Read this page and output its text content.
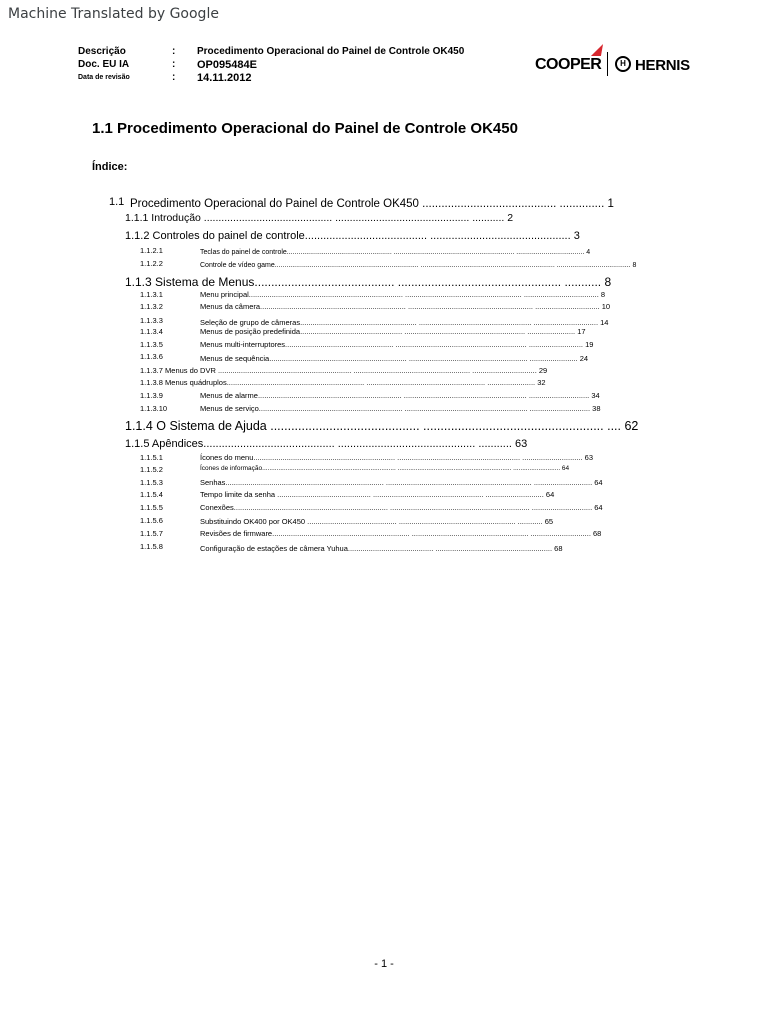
Machine Translated by Google
Descrição	: Procedimento Operacional do Painel de Controle OK450
Doc. EU IA	: OP095484E
Data de revisão	: 14.11.2012
COOPER	H HERNIS
1.1 Procedimento Operacional do Painel de Controle OK450
Índice:
1.1 Procedimento Operacional do Painel de Controle OK450 .......................................... .............. 1
1.1.1 Introdução ............................................ .............................................. ........... 2
1.1.2 Controles do painel de controle........................................ .............................................. 3
1.1.2.1	Teclas do painel de controle...................................................... .............................................................. ................................... 4
1.1.2.2	Controle de vídeo game.......................................................................... ..................................................................... ...................................... 8
1.1.3 Sistema de Menus.......................................... ................................................. ........... 8
1.1.3.1	Menu principal.......................................................................... ........................................................ .................................... 8
1.1.3.2	Menus da câmera...................................................................... ............................................................ ............................... 10
1.1.3.3	Seleção de grupo de câmeras........................................................ ...................................................... ............................... 14
1.1.3.4	Menus de posição predefinida................................................. .......................................................... ....................... 17
1.1.3.5	Menus multi-interruptores.................................................... ............................................................... .......................... 19
1.1.3.6	Menus de sequência.................................................................. ......................................................... ....................... 24
1.1.3.7 Menus do DVR ................................................................ ........................................................ ............................... 29
1.1.3.8 Menus quádruplos.................................................................. ......................................................... ....................... 32
1.1.3.9	Menus de alarme..................................................................... ........................................................... ............................. 34
1.1.3.10	Menus de serviço..................................................................... ........................................................... ............................. 38
1.1.4 O Sistema de Ajuda ........................................... .................................................... .... 62
1.1.5 Apêndices........................................... ............................................. ........... 63
1.1.5.1	Ícones do menu.................................................................... ........................................................... ............................. 63
1.1.5.2	Ícones de informação.......................................................................... ............................................................... .......................... 64
1.1.5.3	Senhas............................................................................ ...................................................................... ............................ 64
1.1.5.4	Tempo limite da senha ............................................. ..................................................... ............................ 64
1.1.5.5	Conexões.......................................................................... ................................................................... ............................. 64
1.1.5.6	Substituindo OK400 por OK450 ........................................... ........................................................ ............ 65
1.1.5.7	Revisões de firmware.................................................................. ........................................................ ............................. 68
1.1.5.8	Configuração de estações de câmera Yuhua......................................... ........................................................ 68
- 1 -
